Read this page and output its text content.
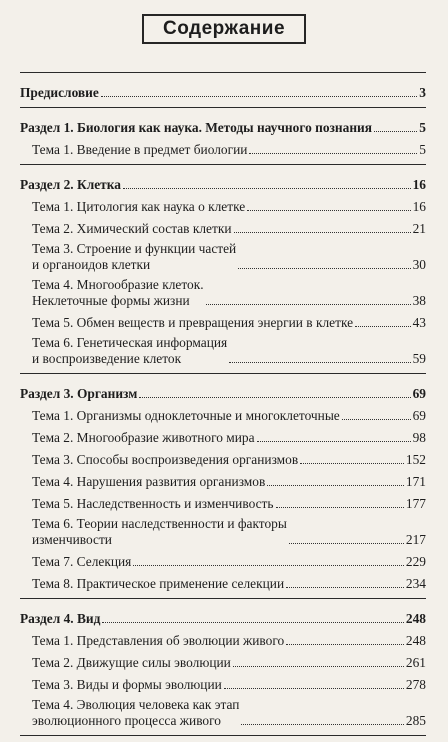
Содержание
Предисловие	3
Раздел 1. Биология как наука. Методы научного познания	5
Тема 1. Введение в предмет биологии	5
Раздел 2. Клетка	16
Тема 1. Цитология как наука о клетке	16
Тема 2. Химический состав клетки	21
Тема 3. Строение и функции частей
и органоидов клетки	30
Тема 4. Многообразие клеток.
Неклеточные формы жизни	38
Тема 5. Обмен веществ и превращения энергии в клетке	43
Тема 6. Генетическая информация
и воспроизведение клеток	59
Раздел 3. Организм	69
Тема 1. Организмы одноклеточные и многоклеточные	69
Тема 2. Многообразие животного мира	98
Тема 3. Способы воспроизведения организмов	152
Тема 4. Нарушения развития организмов	171
Тема 5. Наследственность и изменчивость	177
Тема 6. Теории наследственности и факторы
изменчивости	217
Тема 7. Селекция	229
Тема 8. Практическое применение селекции	234
Раздел 4. Вид	248
Тема 1. Представления об эволюции живого	248
Тема 2. Движущие силы эволюции	261
Тема 3. Виды и формы эволюции	278
Тема 4. Эволюция человека как этап
эволюционного процесса живого	285
